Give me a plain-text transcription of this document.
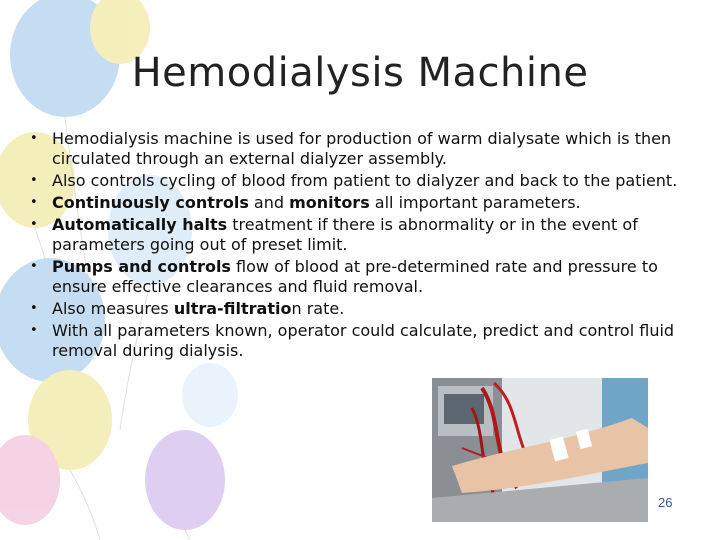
Hemodialysis Machine
• Hemodialysis machine is used for production of warm dialysate which is then circulated through an external dialyzer assembly.
• Also controls cycling of blood from patient to dialyzer and back to the patient.
• Continuously controls and monitors all important parameters.
• Automatically halts treatment if there is abnormality or in the event of parameters going out of preset limit.
• Pumps and controls flow of blood at pre-determined rate and pressure to ensure effective clearances and fluid removal.
• Also measures ultra-filtration rate.
• With all parameters known, operator could calculate, predict and control fluid removal during dialysis.
26
